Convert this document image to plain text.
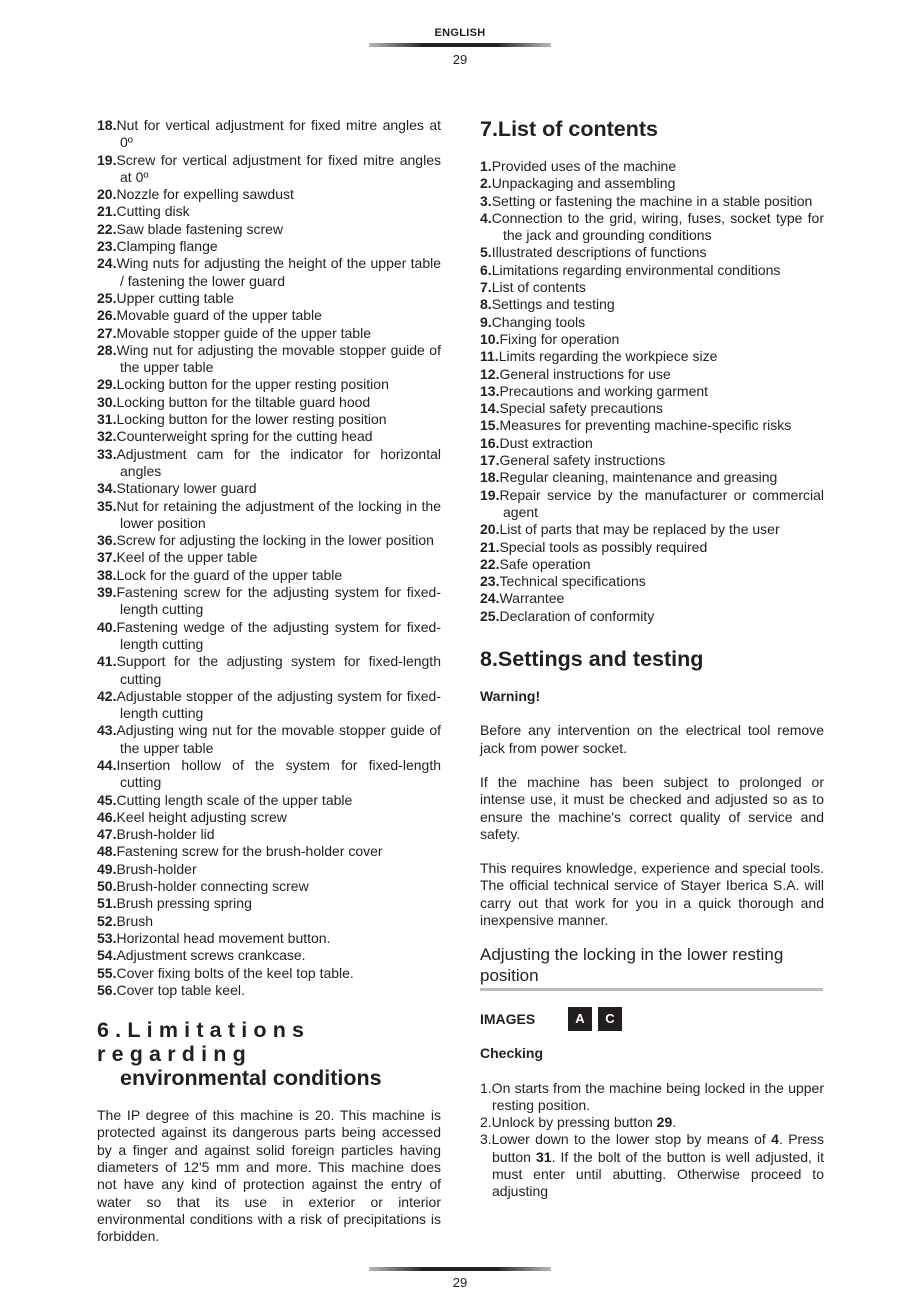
ENGLISH
29
18.Nut for vertical adjustment for fixed mitre angles at 0º
19.Screw for vertical adjustment for fixed mitre angles at 0º
20.Nozzle for expelling sawdust
21.Cutting disk
22.Saw blade fastening screw
23.Clamping flange
24.Wing nuts for adjusting the height of the upper table / fastening the lower guard
25.Upper cutting table
26.Movable guard of the upper table
27.Movable stopper guide of the upper table
28.Wing nut for adjusting the movable stopper guide of the upper table
29.Locking button for the upper resting position
30.Locking button for the tiltable guard hood
31.Locking button for the lower resting position
32.Counterweight spring for the cutting head
33.Adjustment cam for the indicator for horizontal angles
34.Stationary lower guard
35.Nut for retaining the adjustment of the locking in the lower position
36.Screw for adjusting the locking in the lower position
37.Keel of the upper table
38.Lock for the guard of the upper table
39.Fastening screw for the adjusting system for fixed-length cutting
40.Fastening wedge of the adjusting system for fixed-length cutting
41.Support for the adjusting system for fixed-length cutting
42.Adjustable stopper of the adjusting system for fixed-length cutting
43.Adjusting wing nut for the movable stopper guide of the upper table
44.Insertion hollow of the system for fixed-length cutting
45.Cutting length scale of the upper table
46.Keel height adjusting screw
47.Brush-holder lid
48.Fastening screw for the brush-holder cover
49.Brush-holder
50.Brush-holder connecting screw
51.Brush pressing spring
52.Brush
53.Horizontal head movement button.
54.Adjustment screws crankcase.
55.Cover fixing bolts of the keel top table.
56.Cover top table keel.
6.Limitations regarding
environmental conditions

The IP degree of this machine is 20. This machine is protected against its dangerous parts being accessed by a finger and against solid foreign particles having diameters of 12'5 mm and more. This machine does not have any kind of protection against the entry of water so that its use in exterior or interior environmental conditions with a risk of precipitations is forbidden.

7.List of contents
1.Provided uses of the machine
2.Unpackaging and assembling
3.Setting or fastening the machine in a stable position
4.Connection to the grid, wiring, fuses, socket type for the jack and grounding conditions
5.Illustrated descriptions of functions
6.Limitations regarding environmental conditions
7.List of contents
8.Settings and testing
9.Changing tools
10.Fixing for operation
11.Limits regarding the workpiece size
12.General instructions for use
13.Precautions and working garment
14.Special safety precautions
15.Measures for preventing machine-specific risks
16.Dust extraction
17.General safety instructions
18.Regular cleaning, maintenance and greasing
19.Repair service by the manufacturer or commercial agent
20.List of parts that may be replaced by the user
21.Special tools as possibly required
22.Safe operation
23.Technical specifications
24.Warrantee
25.Declaration of conformity
8.Settings and testing

Warning!

Before any intervention on the electrical tool remove jack from power socket.

If the machine has been subject to prolonged or intense use, it must be checked and adjusted so as to ensure the machine's correct quality of service and safety.

This requires knowledge, experience and special tools. The official technical service of Stayer Iberica S.A. will carry out that work for you in a quick thorough and inexpensive manner.

Adjusting the locking in the lower resting position
IMAGES	A	C

Checking

1.On starts from the machine being locked in the upper resting position.
2.Unlock by pressing button 29.
3.Lower down to the lower stop by means of 4. Press button 31. If the bolt of the button is well adjusted, it must enter until abutting. Otherwise proceed to adjusting
29
